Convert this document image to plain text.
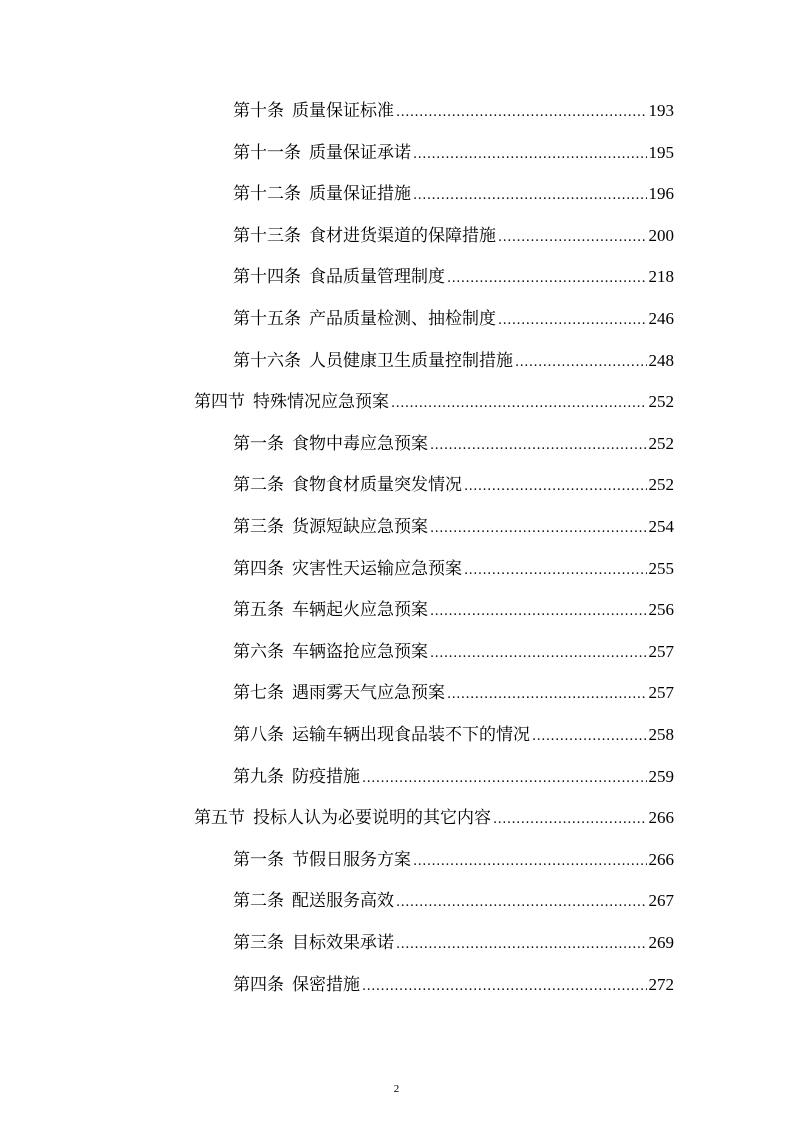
第十条 质量保证标准 .....	193
第十一条 质量保证承诺 .....	195
第十二条 质量保证措施 .....	196
第十三条 食材进货渠道的保障措施 .....	200
第十四条 食品质量管理制度 .....	218
第十五条 产品质量检测、抽检制度 .....	246
第十六条 人员健康卫生质量控制措施 .....	248
第四节 特殊情况应急预案 .....	252
第一条 食物中毒应急预案 .....	252
第二条 食物食材质量突发情况 .....	252
第三条 货源短缺应急预案 .....	254
第四条 灾害性天运输应急预案 .....	255
第五条 车辆起火应急预案 .....	256
第六条 车辆盗抢应急预案 .....	257
第七条 遇雨雾天气应急预案 .....	257
第八条 运输车辆出现食品装不下的情况 .....	258
第九条 防疫措施 .....	259
第五节 投标人认为必要说明的其它内容 .....	266
第一条 节假日服务方案 .....	266
第二条 配送服务高效 .....	267
第三条 目标效果承诺 .....	269
第四条 保密措施 .....	272
2
